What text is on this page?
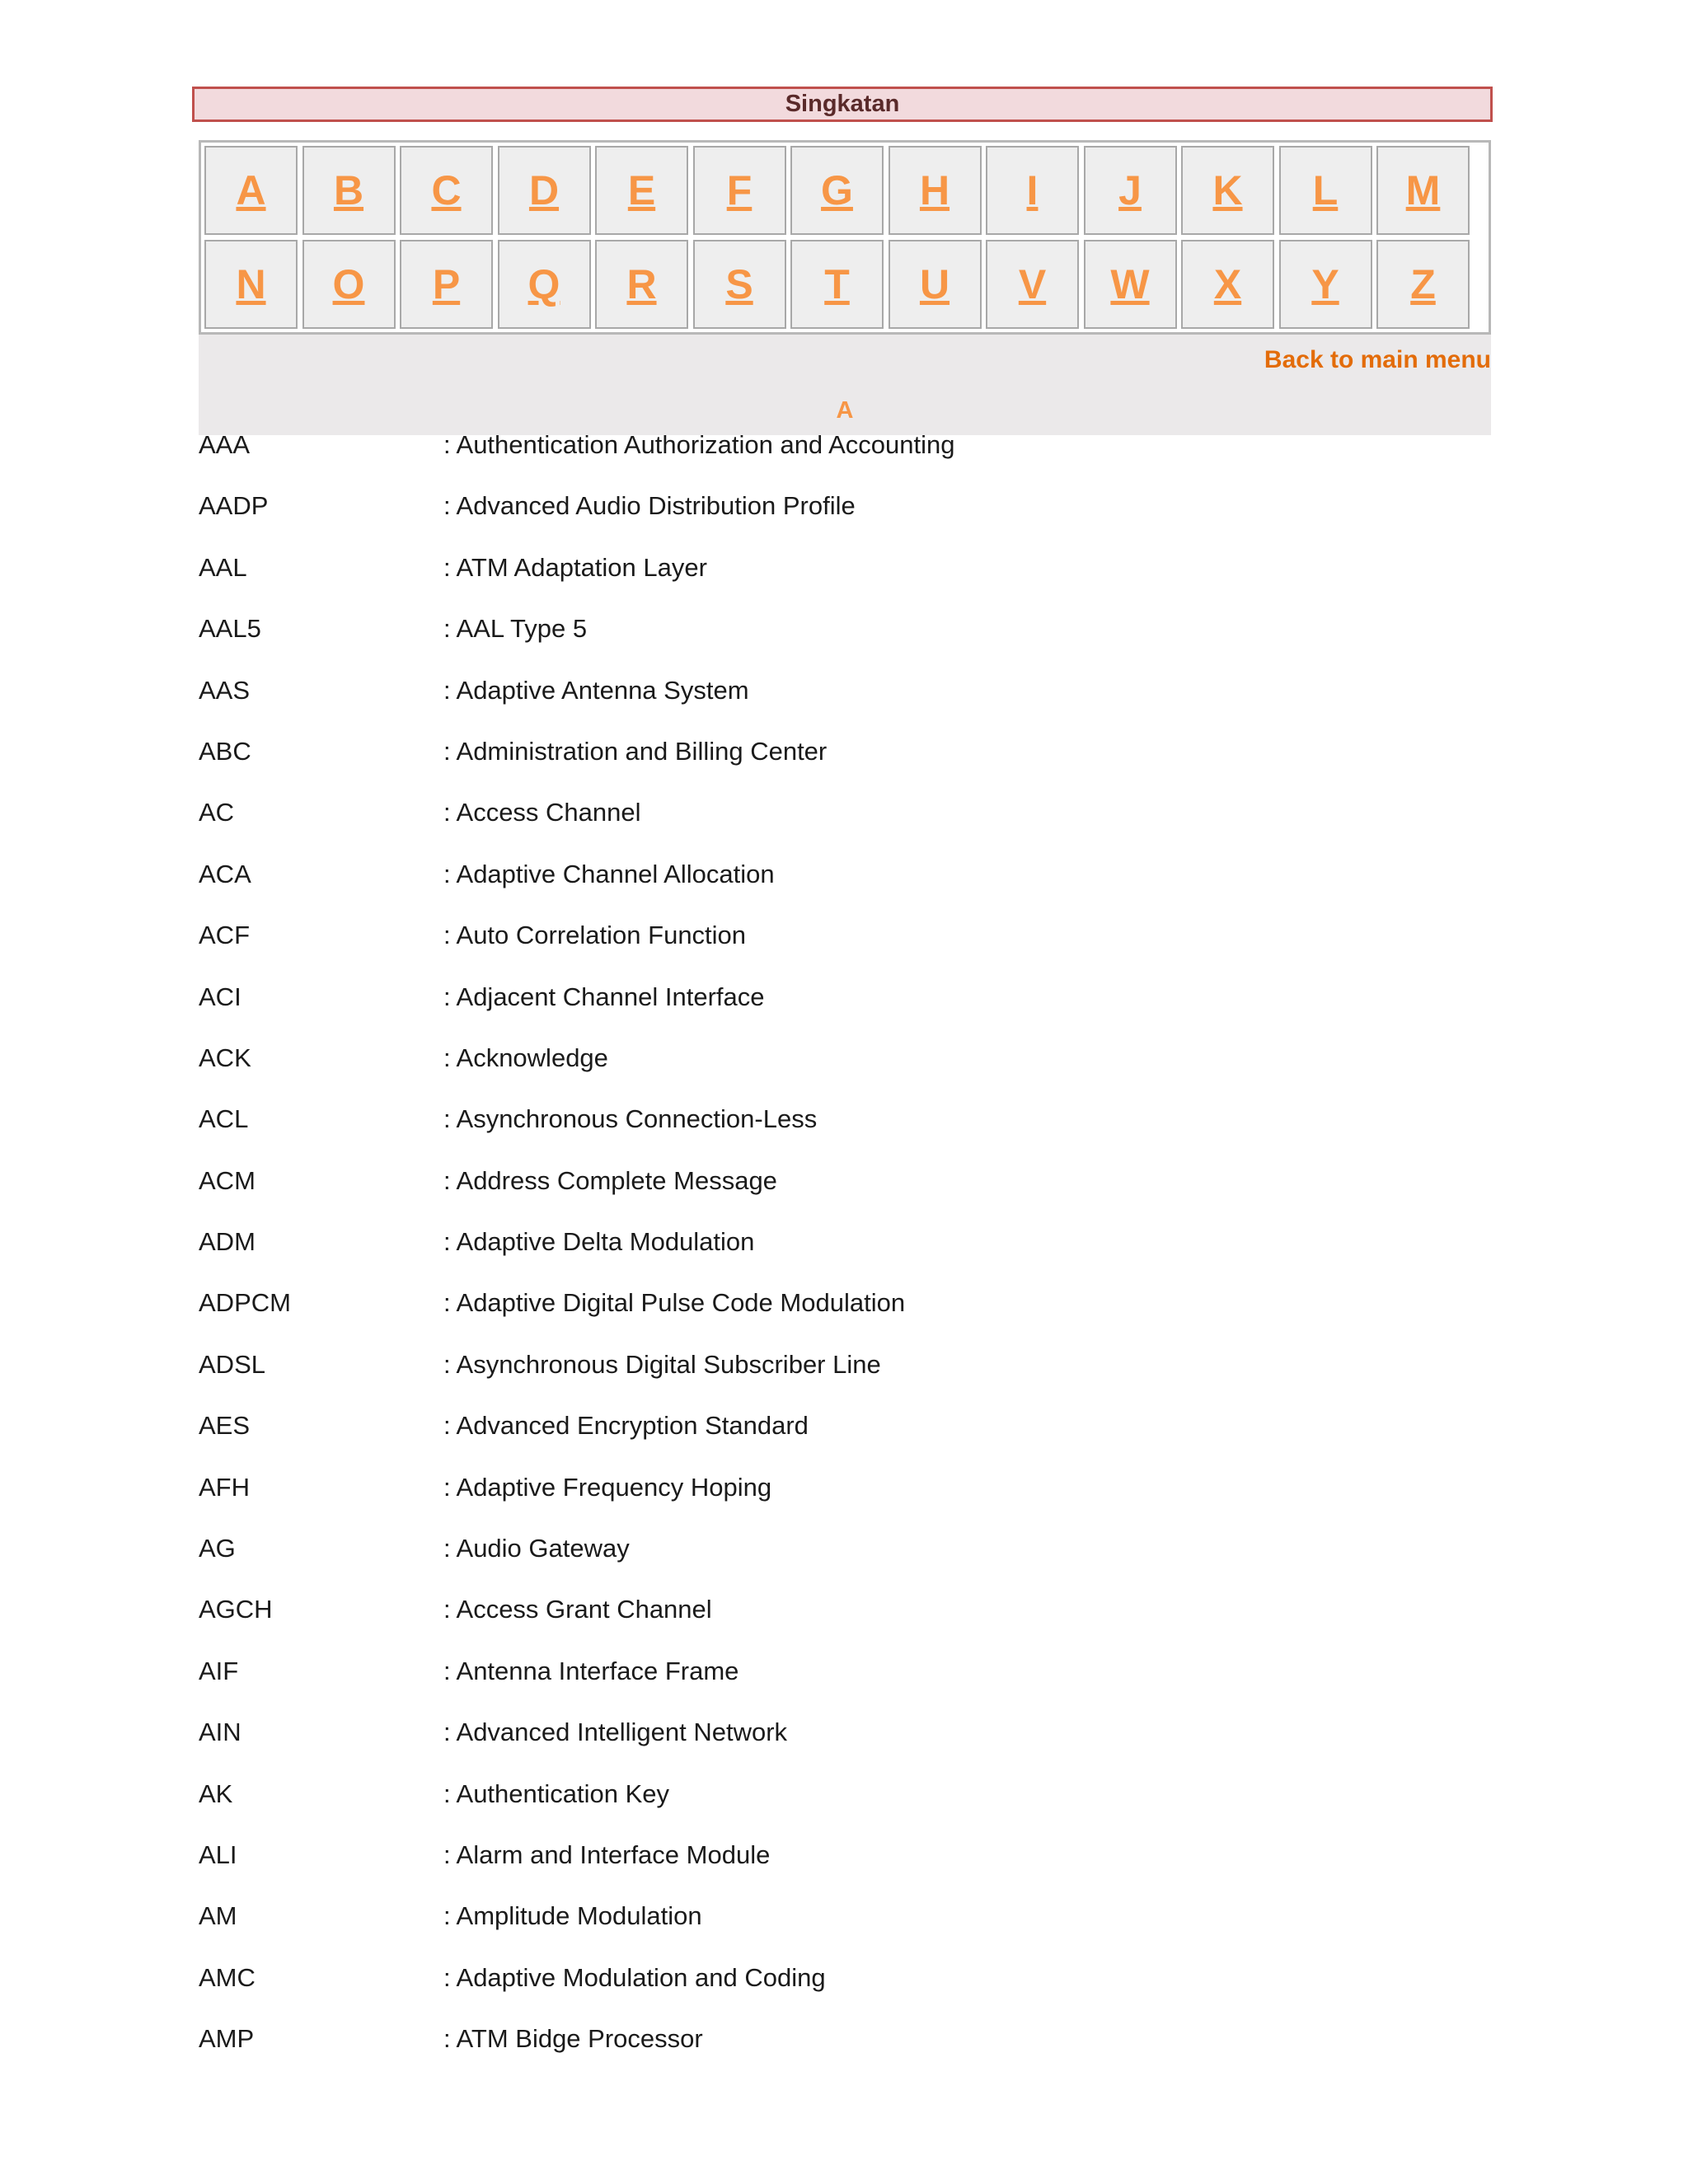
Singkatan
A	B	C	D	E	F	G	H	I	J	K	L	M
N	O	P	Q	R	S	T	U	V	W	X	Y	Z
Back to main menu
A
AAA	: Authentication Authorization and Accounting
AADP	: Advanced Audio Distribution Profile
AAL	: ATM Adaptation Layer
AAL5	: AAL Type 5
AAS	: Adaptive Antenna System
ABC	: Administration and Billing Center
AC	: Access Channel
ACA	: Adaptive Channel Allocation
ACF	: Auto Correlation Function
ACI	: Adjacent Channel Interface
ACK	: Acknowledge
ACL	: Asynchronous Connection-Less
ACM	: Address Complete Message
ADM	: Adaptive Delta Modulation
ADPCM	: Adaptive Digital Pulse Code Modulation
ADSL	: Asynchronous Digital Subscriber Line
AES	: Advanced Encryption Standard
AFH	: Adaptive Frequency Hoping
AG	: Audio Gateway
AGCH	: Access Grant Channel
AIF	: Antenna Interface Frame
AIN	: Advanced Intelligent Network
AK	: Authentication Key
ALI	: Alarm and Interface Module
AM	: Amplitude Modulation
AMC	: Adaptive Modulation and Coding
AMP	: ATM Bidge Processor
